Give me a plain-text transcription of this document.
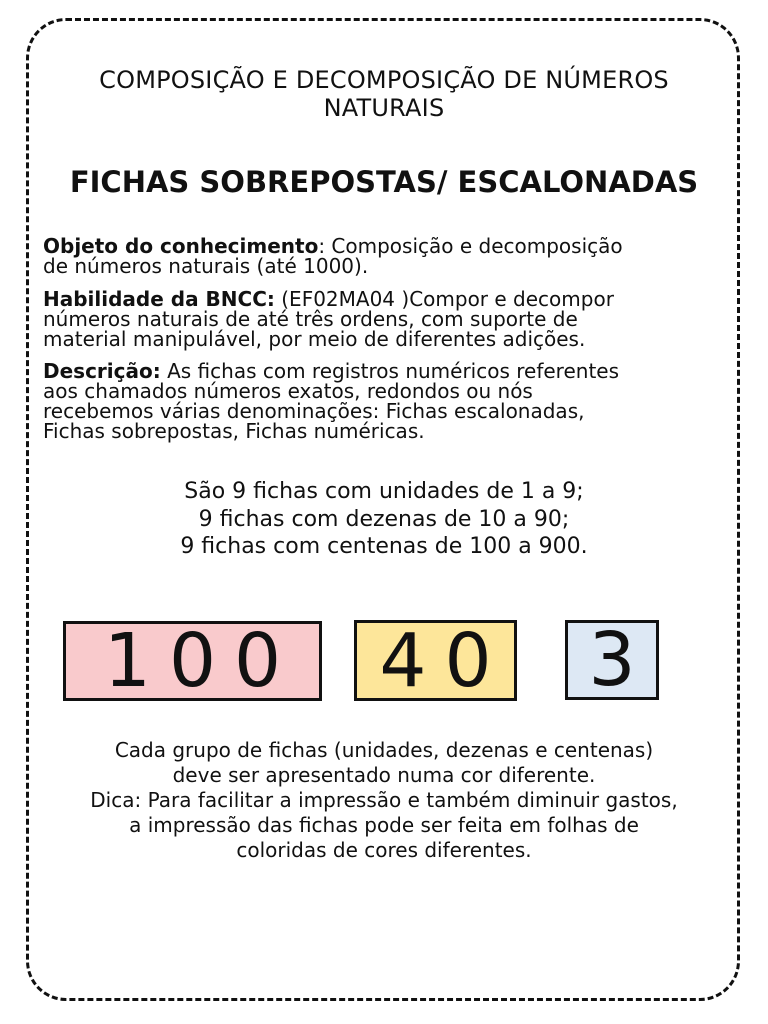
COMPOSIÇÃO E DECOMPOSIÇÃO DE NÚMEROS
NATURAIS
FICHAS SOBREPOSTAS/ ESCALONADAS
Objeto do conhecimento: Composição e decomposição
de números naturais (até 1000).
Habilidade da BNCC: (EF02MA04 )Compor e decompor
números naturais de até três ordens, com suporte de
material manipulável, por meio de diferentes adições.
Descrição: As fichas com registros numéricos referentes
aos chamados números exatos, redondos ou nós
recebemos várias denominações: Fichas escalonadas,
Fichas sobrepostas, Fichas numéricas.
São 9 fichas com unidades de 1 a 9;
9 fichas com dezenas de 10 a 90;
9 fichas com centenas de 100 a 900.
100	40	3
Cada grupo de fichas (unidades, dezenas e centenas)
deve ser apresentado numa cor diferente.
Dica: Para facilitar a impressão e também diminuir gastos,
a impressão das fichas pode ser feita em folhas de
coloridas de cores diferentes.
